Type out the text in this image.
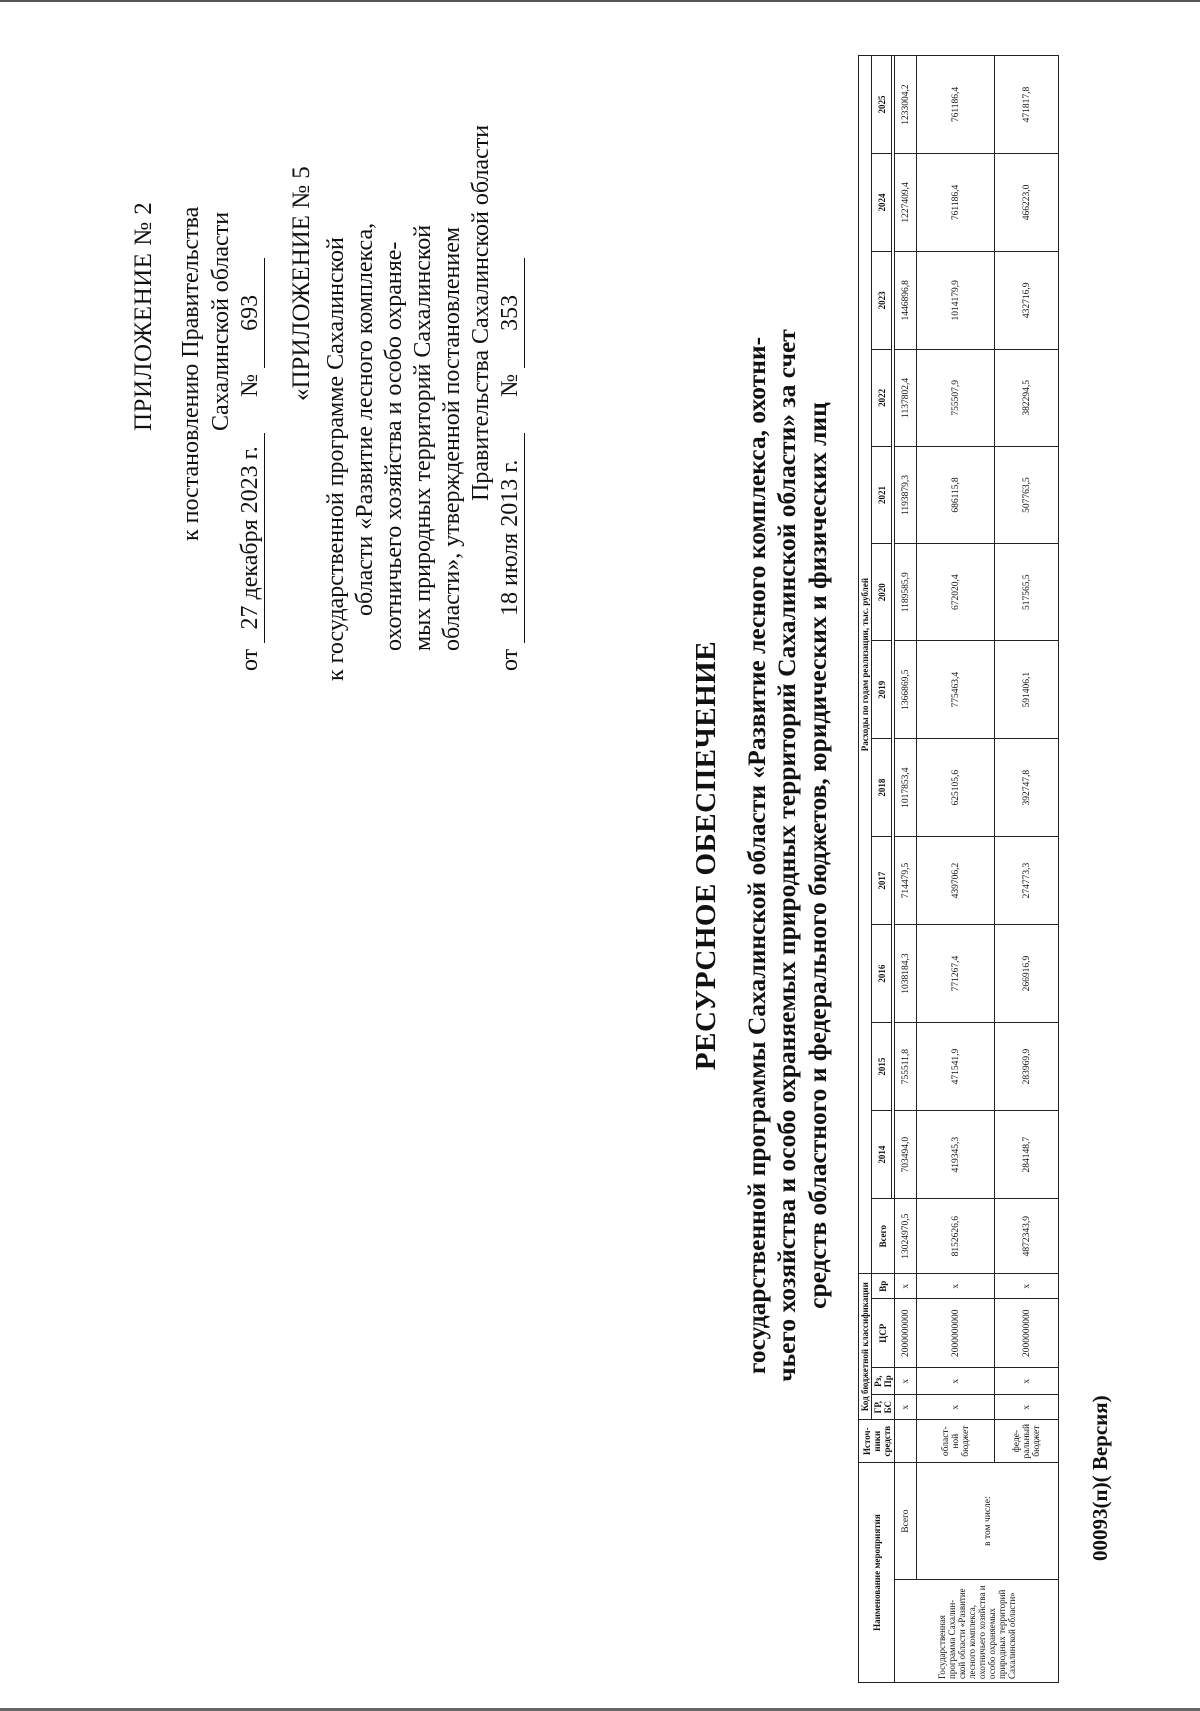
ПРИЛОЖЕНИЕ № 2 к постановлению Правительства Сахалинской области
от 27 декабря 2023 г. № 693 «ПРИЛОЖЕНИЕ № 5 к государственной программе Сахалинской области «Развитие лесного комплекса, охотничьего хозяйства и особо охраняе- мых природных территорий Сахалинской области», утвержденной постановлением Правительства Сахалинской области
от 18 июля 2013 г. № 353
РЕСУРСНОЕ ОБЕСПЕЧЕНИЕ государственной программы Сахалинской области «Развитие лесного комплекса, охотни- чьего хозяйства и особо охраняемых природных территорий Сахалинской области» за счет средств областного и федерального бюджетов, юридических и физических лиц
Наименование мероприятия		Источ-ники средств	Код бюджетной классификации				Расходы по годам реализации, тыс. рублей												
			ГР, БС	Рз, Пр	ЦСР	Вр	Всего	2014	2015	2016	2017	2018	2019	2020	2021	2022	2023	2024	2025

Государственная программа Сахалин-ской области «Развитие лесного комплекса, охотничьего хозяйства и особо охраняемых природных территорий Сахалинской области»	Всего		х	х	2000000000	х	13024970,5	703494,0	755511,8	1038184,3	714479,5	1017853,4	1366869,5	1189585,9	1193879,3	1137802,4	1446896,8	1227409,4	1233004,2
	в том числе:	област-ной бюджет	х	х	2000000000	х	8152626,6	419345,3	471541,9	771267,4	439706,2	625105,6	775463,4	672020,4	686115,8	755507,9	1014179,9	761186,4	761186,4
		феде-ральный бюджет	х	х	2000000000	х	4872343,9	284148,7	283969,9	266916,9	274773,3	392747,8	591406,1	517565,5	507763,5	382294,5	432716,9	466223,0	471817,8
00093(п)( Версия)
